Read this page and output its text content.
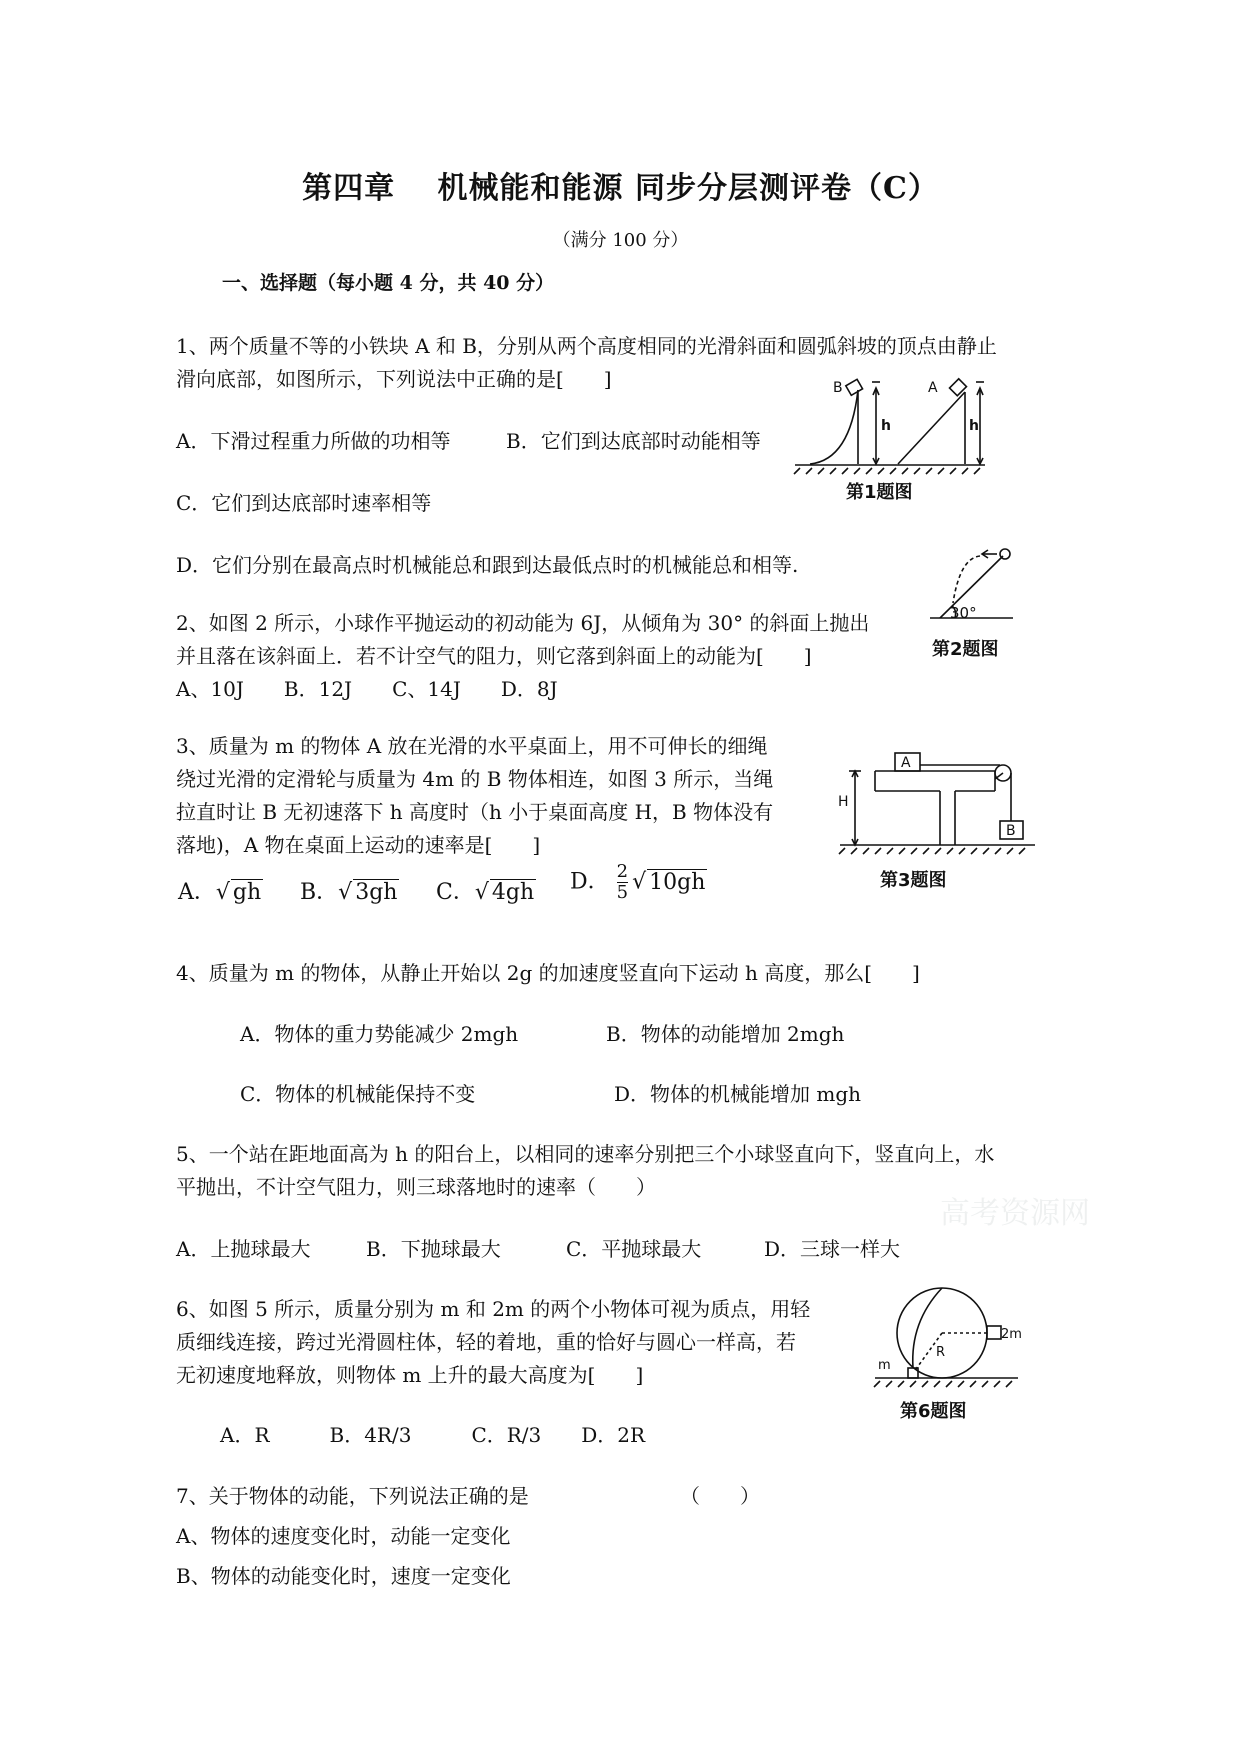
第四章　 机械能和能源 同步分层测评卷（C）
（满分 100 分）
一、选择题（每小题 4 分，共 40 分）
1、两个质量不等的小铁块 A 和 B，分别从两个高度相同的光滑斜面和圆弧斜坡的顶点由静止
滑向底部，如图所示，下列说法中正确的是[　　]
A．下滑过程重力所做的功相等	B．它们到达底部时动能相等
C．它们到达底部时速率相等
D．它们分别在最高点时机械能总和跟到达最低点时的机械能总和相等.
B	A
h	h
第1题图
2、如图 2 所示，小球作平抛运动的初动能为 6J，从倾角为 30° 的斜面上抛出
并且落在该斜面上．若不计空气的阻力，则它落到斜面上的动能为[　　]
A、10J　　B．12J　　C、14J　　D．8J
30°
第2题图
3、质量为 m 的物体 A 放在光滑的水平桌面上，用不可伸长的细绳
绕过光滑的定滑轮与质量为 4m 的 B 物体相连，如图 3 所示，当绳
拉直时让 B 无初速落下 h 高度时（h 小于桌面高度 H，B 物体没有
落地)，A 物在桌面上运动的速率是[　　]
A．√ gh B．√ 3gh C．√ 4gh D． $\frac{2}{5}$ √ 10gh
A
B
H
第3题图
4、质量为 m 的物体，从静止开始以 2g 的加速度竖直向下运动 h 高度，那么[　　]
A．物体的重力势能减少 2mgh	B．物体的动能增加 2mgh
C．物体的机械能保持不变	D．物体的机械能增加 mgh
5、一个站在距地面高为 h 的阳台上，以相同的速率分别把三个小球竖直向下，竖直向上，水
平抛出，不计空气阻力，则三球落地时的速率（　　）
高考资源网
A．上抛球最大	B．下抛球最大	C．平抛球最大	D．三球一样大
6、如图 5 所示，质量分别为 m 和 2m 的两个小物体可视为质点，用轻
质细线连接，跨过光滑圆柱体，轻的着地，重的恰好与圆心一样高，若
无初速度地释放，则物体 m 上升的最大高度为[　　]
A．R　　　B．4R/3　　　C．R/3　　D．2R
m
2m
R
第6题图
7、关于物体的动能，下列说法正确的是	（　　）
A、物体的速度变化时，动能一定变化
B、物体的动能变化时，速度一定变化
